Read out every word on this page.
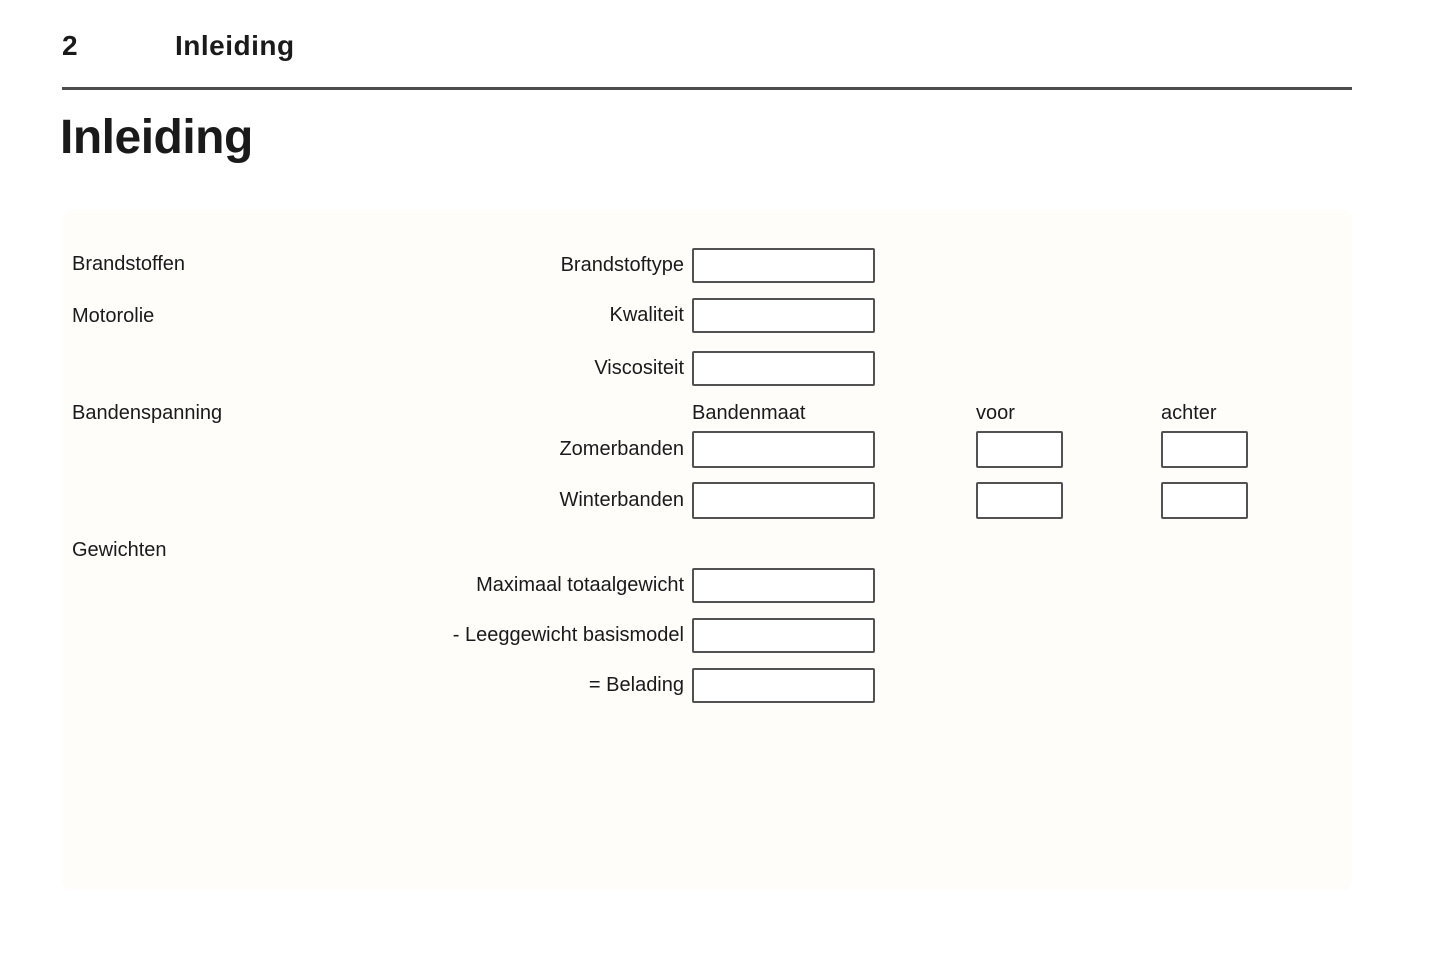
2	Inleiding
Inleiding
Brandstoffen	Brandstoftype
Motorolie	Kwaliteit
Viscositeit
Bandenspanning	Bandenmaat	voor	achter
Zomerbanden
Winterbanden
Gewichten
Maximaal totaalgewicht
- Leeggewicht basismodel
= Belading
